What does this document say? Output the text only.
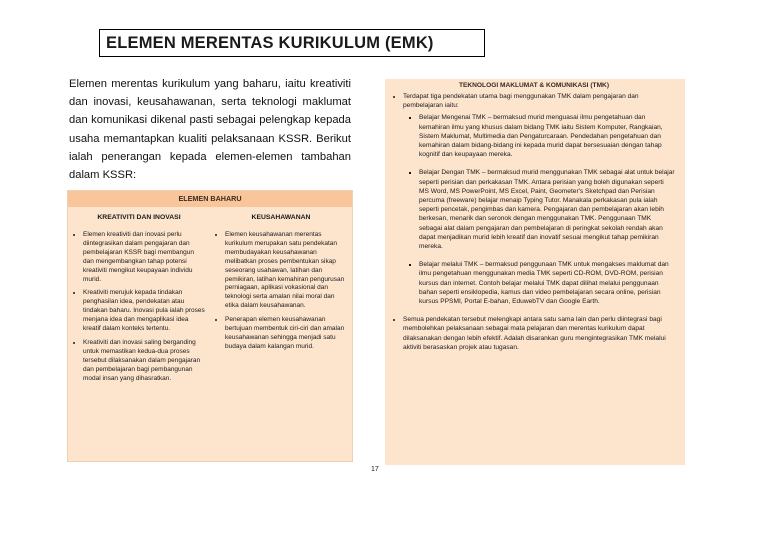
ELEMEN MERENTAS KURIKULUM (EMK)
Elemen merentas kurikulum yang baharu, iaitu kreativiti dan inovasi, keusahawanan, serta teknologi maklumat dan komunikasi dikenal pasti sebagai pelengkap kepada usaha memantapkan kualiti pelaksanaan KSSR. Berikut ialah penerangan kepada elemen-elemen tambahan dalam KSSR:
ELEMEN BAHARU
KREATIVITI DAN INOVASI
• Elemen kreativiti dan inovasi perlu diintegrasikan dalam pengajaran dan pembelajaran KSSR bagi membangun dan mengembangkan tahap potensi kreativiti mengikut keupayaan individu murid.
• Kreativiti merujuk kepada tindakan penghasilan idea, pendekatan atau tindakan baharu. Inovasi pula ialah proses menjana idea dan mengaplikasi idea kreatif dalam konteks tertentu.
• Kreativiti dan inovasi saling berganding untuk memastikan kedua-dua proses tersebut dilaksanakan dalam pengajaran dan pembelajaran bagi pembangunan modal insan yang dihasratkan.
KEUSAHAWANAN
• Elemen keusahawanan merentas kurikulum merupakan satu pendekatan membudayakan keusahawanan melibatkan proses pembentukan sikap seseorang usahawan, latihan dan pemikiran, latihan kemahiran pengurusan perniagaan, aplikasi vokasional dan teknologi serta amalan nilai moral dan etika dalam keusahawanan.
• Penerapan elemen keusahawanan bertujuan membentuk ciri-ciri dan amalan keusahawanan sehingga menjadi satu budaya dalam kalangan murid.
TEKNOLOGI MAKLUMAT & KOMUNIKASI (TMK)
• Terdapat tiga pendekatan utama bagi menggunakan TMK dalam pengajaran dan pembelajaran iaitu:
▪ Belajar Mengenai TMK – bermaksud murid menguasai ilmu pengetahuan dan kemahiran ilmu yang khusus dalam bidang TMK iaitu Sistem Komputer, Rangkaian, Sistem Maklumat, Multimedia dan Pengaturcaraan. Pendedahan pengetahuan dan kemahiran dalam bidang-bidang ini kepada murid dapat bersesuaian dengan tahap kognitif dan keupayaan mereka.
▪ Belajar Dengan TMK – bermaksud murid menggunakan TMK sebagai alat untuk belajar seperti perisian dan perkakasan TMK. Antara perisian yang boleh digunakan seperti MS Word, MS PowerPoint, MS Excel, Paint, Geometer's Sketchpad dan Perisian percuma (freeware) belajar menaip Typing Tutor. Manakala perkakasan pula ialah seperti pencetak, pengimbas dan kamera. Pengajaran dan pembelajaran akan lebih berkesan, menarik dan seronok dengan menggunakan TMK. Penggunaan TMK sebagai alat dalam pengajaran dan pembelajaran di peringkat sekolah rendah akan dapat menjadikan murid lebih kreatif dan inovatif sesuai mengikut tahap pemikiran mereka.
▪ Belajar melalui TMK – bermaksud penggunaan TMK untuk mengakses maklumat dan ilmu pengetahuan menggunakan media TMK seperti CD-ROM, DVD-ROM, perisian kursus dan internet. Contoh belajar melalui TMK dapat dilihat melalui penggunaan bahan seperti ensiklopedia, kamus dan video pembelajaran secara online, perisian kursus PPSMI, Portal E-bahan, EduwebTV dan Google Earth.
• Semua pendekatan tersebut melengkapi antara satu sama lain dan perlu diintegrasi bagi membolehkan pelaksanaan sebagai mata pelajaran dan merentas kurikulum dapat dilaksanakan dengan lebih efektif. Adalah disarankan guru mengintegrasikan TMK melalui aktiviti berasaskan projek atau tugasan.
17
